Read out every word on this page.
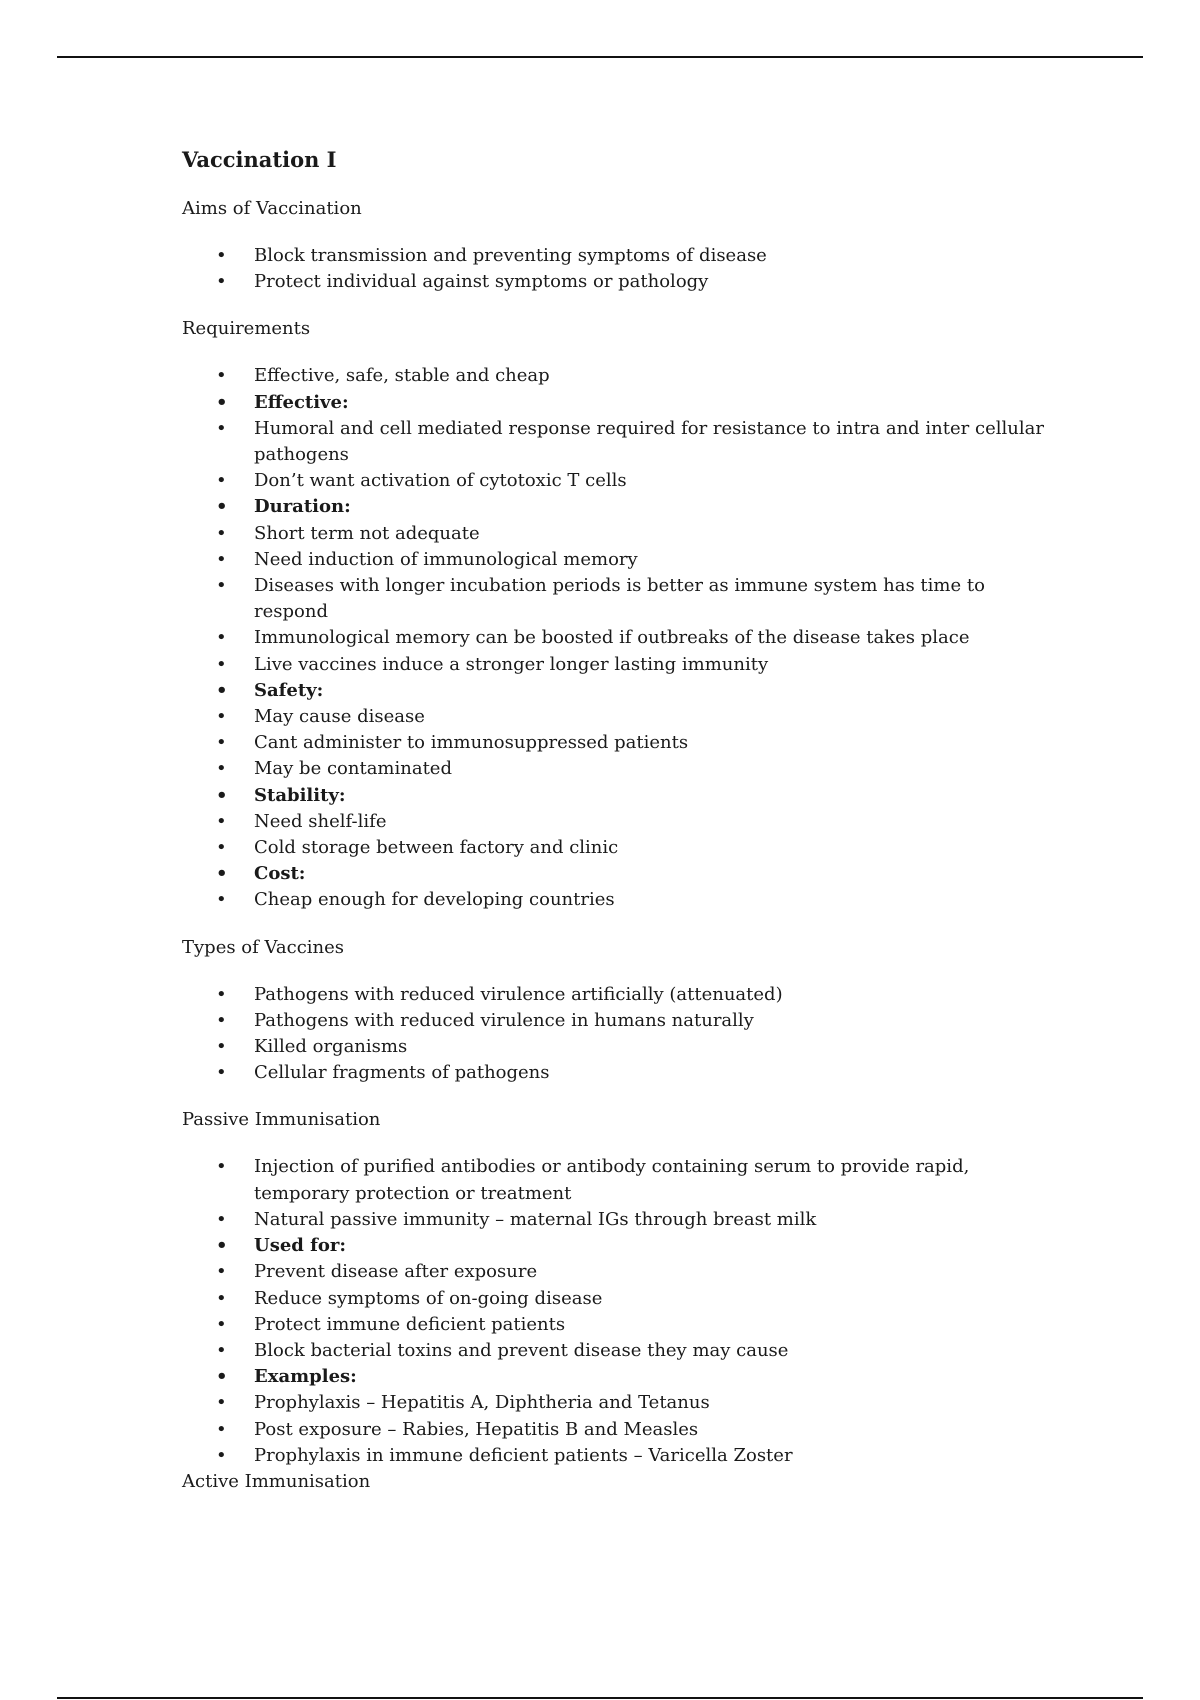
Vaccination I
Aims of Vaccination
• Block transmission and preventing symptoms of disease
• Protect individual against symptoms or pathology
Requirements
• Effective, safe, stable and cheap
• Effective:
• Humoral and cell mediated response required for resistance to intra and inter cellular pathogens
• Don’t want activation of cytotoxic T cells
• Duration:
• Short term not adequate
• Need induction of immunological memory
• Diseases with longer incubation periods is better as immune system has time to respond
• Immunological memory can be boosted if outbreaks of the disease takes place
• Live vaccines induce a stronger longer lasting immunity
• Safety:
• May cause disease
• Cant administer to immunosuppressed patients
• May be contaminated
• Stability:
• Need shelf-life
• Cold storage between factory and clinic
• Cost:
• Cheap enough for developing countries
Types of Vaccines
• Pathogens with reduced virulence artificially (attenuated)
• Pathogens with reduced virulence in humans naturally
• Killed organisms
• Cellular fragments of pathogens
Passive Immunisation
• Injection of purified antibodies or antibody containing serum to provide rapid, temporary protection or treatment
• Natural passive immunity – maternal IGs through breast milk
• Used for:
• Prevent disease after exposure
• Reduce symptoms of on-going disease
• Protect immune deficient patients
• Block bacterial toxins and prevent disease they may cause
• Examples:
• Prophylaxis – Hepatitis A, Diphtheria and Tetanus
• Post exposure – Rabies, Hepatitis B and Measles
• Prophylaxis in immune deficient patients – Varicella Zoster
Active Immunisation
